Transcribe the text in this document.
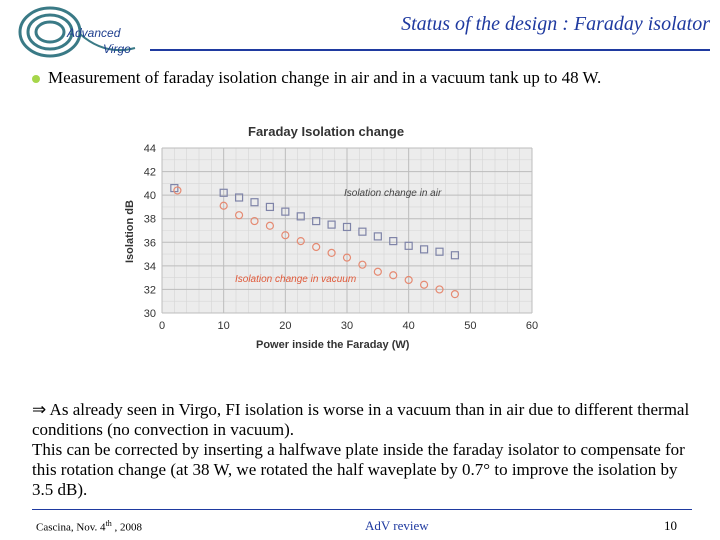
Advanced
Virgo
Status of the design : Faraday isolator
Measurement of faraday isolation change in air and in a vacuum tank up to 48 W.
Faraday Isolation change
Power inside the Faraday (W)
Isolation dB
30
32
34
36
38
40
42
44
0	10	20	30	40	50	60
Isolation change in air
Isolation change in vacuum
⇒ As already seen in Virgo, FI isolation is worse in a vacuum than in air due to different thermal conditions (no convection in vacuum).
This can be corrected by inserting a halfwave plate inside the faraday isolator to compensate for this rotation change (at 38 W, we rotated the half waveplate by 0.7° to improve the isolation by 3.5 dB).
Cascina, Nov. 4th , 2008	AdV review	10
